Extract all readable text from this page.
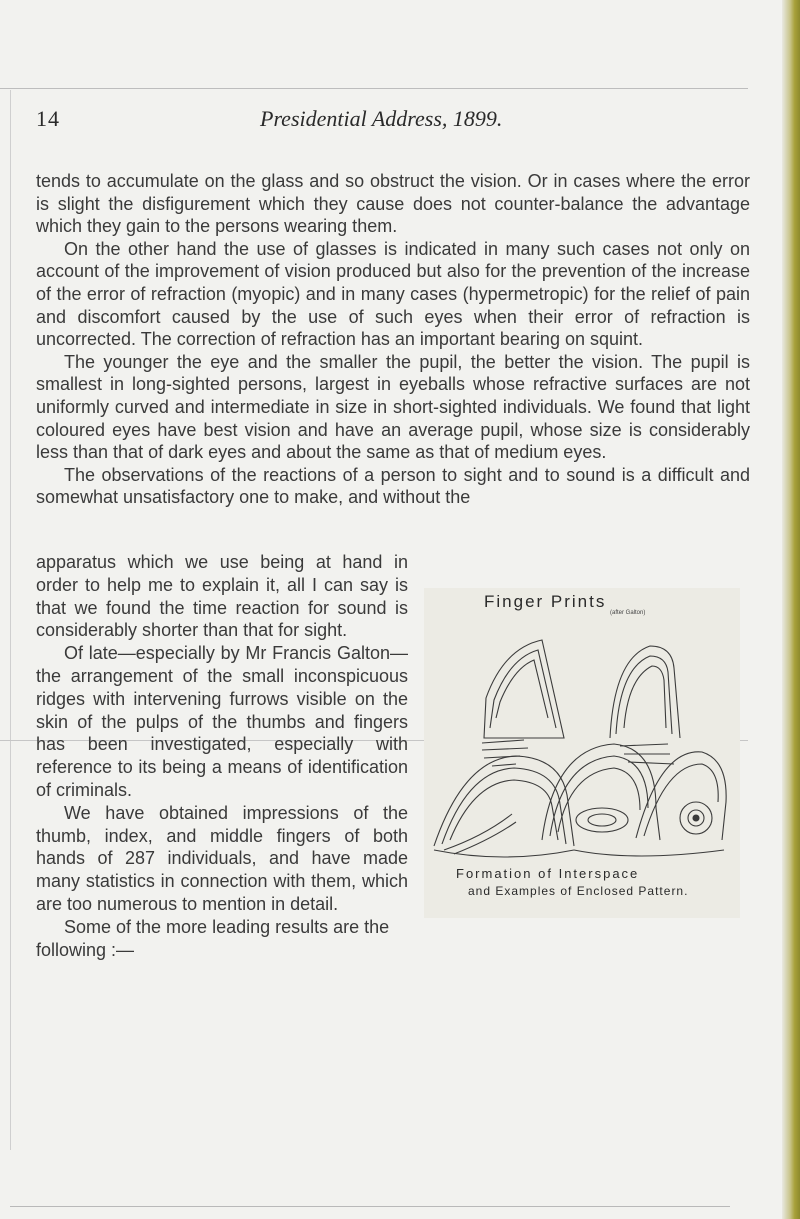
14	Presidential Address, 1899.

tends to accumulate on the glass and so obstruct the vision. Or in cases where the error is slight the disfigurement which they cause does not counter-balance the advantage which they gain to the persons wearing them.

On the other hand the use of glasses is indicated in many such cases not only on account of the improvement of vision produced but also for the prevention of the increase of the error of refraction (myopic) and in many cases (hypermetropic) for the relief of pain and discomfort caused by the use of such eyes when their error of refraction is uncorrected. The correction of refraction has an important bearing on squint.

The younger the eye and the smaller the pupil, the better the vision. The pupil is smallest in long-sighted persons, largest in eyeballs whose refractive surfaces are not uniformly curved and intermediate in size in short-sighted individuals. We found that light coloured eyes have best vision and have an average pupil, whose size is considerably less than that of dark eyes and about the same as that of medium eyes.

The observations of the reactions of a person to sight and to sound is a difficult and somewhat unsatisfactory one to make, and without the

apparatus which we use being at hand in order to help me to explain it, all I can say is that we found the time reaction for sound is considerably shorter than that for sight.

Of late—especially by Mr Francis Galton—the arrangement of the small inconspicuous ridges with intervening furrows visible on the skin of the pulps of the thumbs and fingers has been investigated, especially with reference to its being a means of identification of criminals.

We have obtained impressions of the thumb, index, and middle fingers of both hands of 287 individuals, and have made many statistics in connection with them, which are too numerous to mention in detail.

Some of the more leading results are the following :—

Finger Prints
(after Galton)
Formation of Interspace
and Examples of Enclosed Pattern.
